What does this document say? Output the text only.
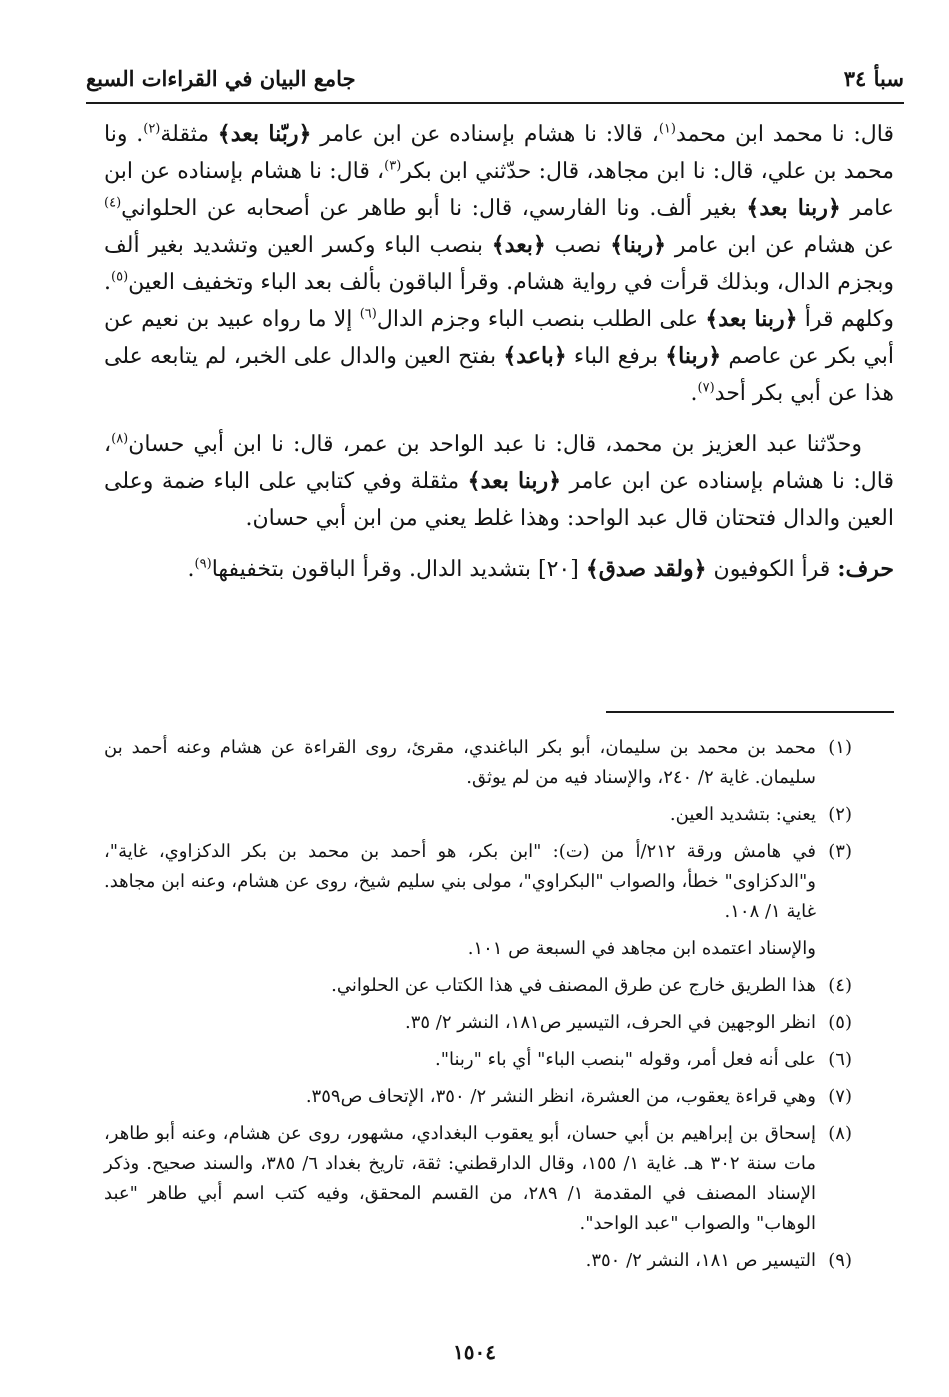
سبأ ٣٤
جامع البيان في القراءات السبع

قال: نا محمد ابن محمد$^{(١)}$، قالا: نا هشام بإسناده عن ابن عامر ﴿ربّنا بعد﴾ مثقلة$^{(٢)}$. ونا محمد بن علي، قال: نا ابن مجاهد، قال: حدّثني ابن بكر$^{(٣)}$، قال: نا هشام بإسناده عن ابن عامر ﴿ربنا بعد﴾ بغير ألف. ونا الفارسي، قال: نا أبو طاهر عن أصحابه عن الحلواني$^{(٤)}$ عن هشام عن ابن عامر ﴿ربنا﴾ نصب ﴿بعد﴾ بنصب الباء وكسر العين وتشديد بغير ألف وبجزم الدال، وبذلك قرأت في رواية هشام. وقرأ الباقون بألف بعد الباء وتخفيف العين$^{(٥)}$. وكلهم قرأ ﴿ربنا بعد﴾ على الطلب بنصب الباء وجزم الدال$^{(٦)}$ إلا ما رواه عبيد بن نعيم عن أبي بكر عن عاصم ﴿ربنا﴾ برفع الباء ﴿باعد﴾ بفتح العين والدال على الخبر، لم يتابعه على هذا عن أبي بكر أحد$^{(٧)}$.

وحدّثنا عبد العزيز بن محمد، قال: نا عبد الواحد بن عمر، قال: نا ابن أبي حسان$^{(٨)}$، قال: نا هشام بإسناده عن ابن عامر ﴿ربنا بعد﴾ مثقلة وفي كتابي على الباء ضمة وعلى العين والدال فتحتان قال عبد الواحد: وهذا غلط يعني من ابن أبي حسان.

حرف: قرأ الكوفيون ﴿ولقد صدق﴾ [٢٠] بتشديد الدال. وقرأ الباقون بتخفيفها$^{(٩)}$.

(١)
محمد بن محمد بن سليمان، أبو بكر الباغندي، مقرئ، روى القراءة عن هشام وعنه أحمد بن سليمان. غاية ٢/ ٢٤٠، والإسناد فيه من لم يوثق.
(٢)
يعني: بتشديد العين.
(٣)
في هامش ورقة ٢١٢/أ من (ت): "ابن بكر، هو أحمد بن محمد بن بكر الدكزاوي، غاية"، و"الدكزاوى" خطأ، والصواب "البكراوي"، مولى بني سليم شيخ، روى عن هشام، وعنه ابن مجاهد. غاية ١/ ١٠٨.
والإسناد اعتمده ابن مجاهد في السبعة ص ١٠١.
(٤)
هذا الطريق خارج عن طرق المصنف في هذا الكتاب عن الحلواني.
(٥)
انظر الوجهين في الحرف، التيسير ص١٨١، النشر ٢/ ٣٥.
(٦)
على أنه فعل أمر، وقوله "بنصب الباء" أي باء "ربنا".
(٧)
وهي قراءة يعقوب، من العشرة، انظر النشر ٢/ ٣٥٠، الإتحاف ص٣٥٩.
(٨)
إسحاق بن إبراهيم بن أبي حسان، أبو يعقوب البغدادي، مشهور، روى عن هشام، وعنه أبو طاهر، مات سنة ٣٠٢ هـ. غاية ١/ ١٥٥، وقال الدارقطني: ثقة، تاريخ بغداد ٦/ ٣٨٥، والسند صحيح. وذكر الإسناد المصنف في المقدمة ١/ ٢٨٩، من القسم المحقق، وفيه كتب اسم أبي طاهر "عبد الوهاب" والصواب "عبد الواحد".
(٩)
التيسير ص ١٨١، النشر ٢/ ٣٥٠.
١٥٠٤
